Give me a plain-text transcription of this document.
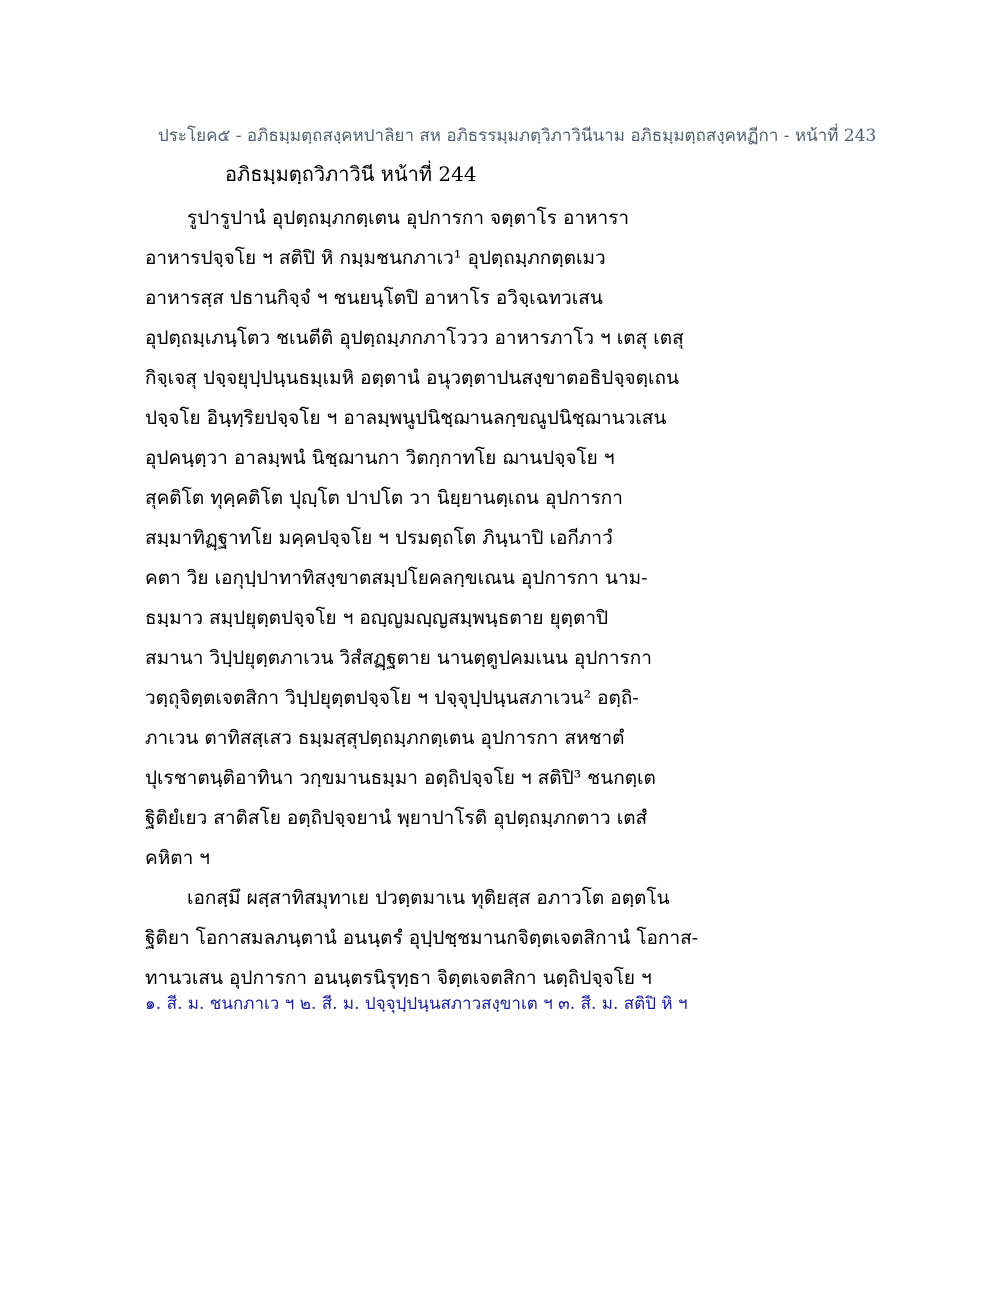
ประโยค๕ - อภิธมฺมตฺถสงฺคหปาลิยา สห อภิธรรมฺมภตฺวิภาวินีนาม อภิธมฺมตฺถสงฺคหฏีกา - หน้าที่ 243
อภิธมฺมตฺถวิภาวินี หน้าที่ 244
รูปารูปานํ อุปตฺถมฺภกตฺเตน อุปการกา จตฺตาโร อาหารา
อาหารปจฺจโย ฯ สติปิ หิ กมฺมชนกภาเว¹ อุปตฺถมฺภกตฺตเมว
อาหารสฺส ปธานกิจฺจํ ฯ ชนยนฺโตปิ อาหาโร อวิจฺเฉทวเสน
อุปตฺถมฺเภนฺโตว ชเนตีติ อุปตฺถมฺภกภาโววว อาหารภาโว ฯ เตสุ เตสุ
กิจฺเจสุ ปจฺจยุปฺปนฺนธมฺเมหิ อตฺตานํ อนุวตฺตาปนสงฺขาตอธิปจฺจตฺเถน
ปจฺจโย อินฺทฺริยปจฺจโย ฯ อาลมฺพนูปนิชฺฌานลกฺขณูปนิชฺฌานวเสน
อุปคนฺตฺวา อาลมฺพนํ นิชฺฌานกา วิตกฺกาทโย ฌานปจฺจโย ฯ
สุคติโต ทุคฺคติโต ปุญฺโต ปาปโต วา นิยฺยานตฺเถน อุปการกา
สมฺมาทิฏฺฐาทโย มคฺคปจฺจโย ฯ ปรมตฺถโต ภินฺนาปิ เอกีภาวํ
คตา วิย เอกุปฺปาทาทิสงฺขาตสมฺปโยคลกฺขเณน อุปการกา นาม-
ธมฺมาว สมฺปยุตฺตปจฺจโย ฯ อญฺญมญฺญสมฺพนฺธตาย ยุตฺตาปิ
สมานา วิปฺปยุตฺตภาเวน วิสํสฏฺฐตาย นานตฺตูปคมเนน อุปการกา
วตฺถุจิตฺตเจตสิกา วิปฺปยุตฺตปจฺจโย ฯ ปจฺจุปฺปนฺนสภาเวน² อตฺถิ-
ภาเวน ตาทิสสฺเสว ธมฺมสฺสุปตฺถมฺภกตฺเตน อุปการกา สหชาตํ
ปุเรชาตนฺติอาทินา วกฺขมานธมฺมา อตฺถิปจฺจโย ฯ สติปิ³ ชนกตฺเต
ฐิติยํเยว สาติสโย อตฺถิปจฺจยานํ พฺยาปาโรติ อุปตฺถมฺภกตาว เตสํ
คหิตา ฯ
เอกสฺมึ ผสฺสาทิสมุทาเย ปวตฺตมาเน ทุติยสฺส อภาวโต อตฺตโน
ฐิติยา โอกาสมลภนฺตานํ อนนฺตรํ อุปฺปชฺชมานกจิตฺตเจตสิกานํ โอกาส-
ทานวเสน อุปการกา อนนฺตรนิรุทฺธา จิตฺตเจตสิกา นตฺถิปจฺจโย ฯ
๑. สี. ม. ชนกภาเว ฯ ๒. สี. ม. ปจฺจุปฺปนฺนสภาวสงฺขาเต ฯ ๓. สี. ม. สติปิ หิ ฯ
